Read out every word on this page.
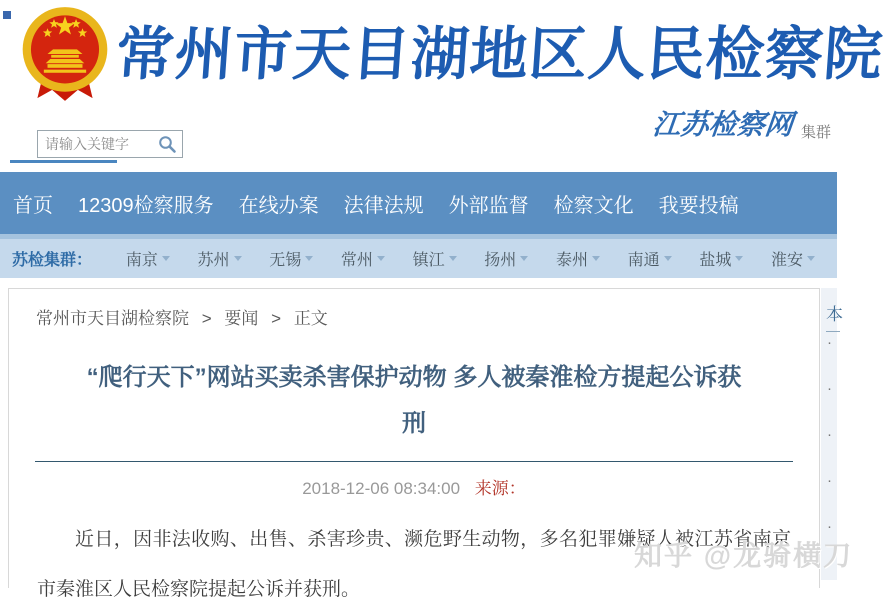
常州市天目湖地区人民检察院
请输入关键字
江苏检察网 集群
首页 12309检察服务 在线办案 法律法规 外部监督 检察文化 我要投稿
苏检集群： 南京 苏州 无锡 常州 镇江 扬州 泰州 南通 盐城 淮安
常州市天目湖检察院 > 要闻 > 正文
“爬行天下”网站买卖杀害保护动物 多人被秦淮检方提起公诉获
刑
2018-12-06 08:34:00 来源：

近日，因非法收购、出售、杀害珍贵、濒危野生动物，多名犯罪嫌疑人被江苏省南京市秦淮区人民检察院提起公诉并获刑。

本
·
·
·
·
·
知乎 @龙骑横刀
